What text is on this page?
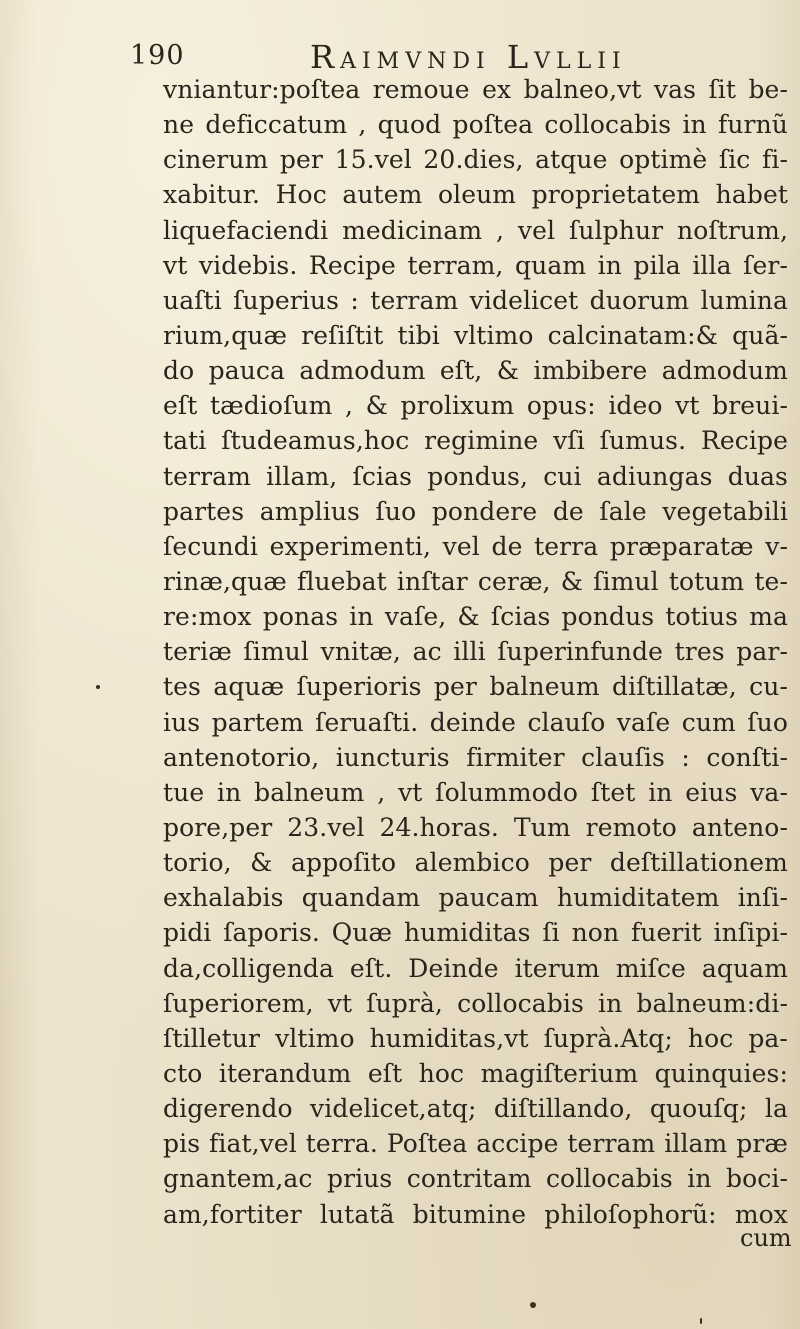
190	Raimvndi Lvllii
vniantur:poſtea remoue ex balneo,vt vas ſit be-
ne deficcatum , quod poſtea collocabis in furnũ
cinerum per 15.vel 20.dies, atque optimè ſic fi-
xabitur. Hoc autem oleum proprietatem habet
liquefaciendi medicinam , vel ſulphur noſtrum,
vt videbis. Recipe terram, quam in pila illa ſer-
uaſti ſuperius : terram videlicet duorum lumina
rium,quæ reſiſtit tibi vltimo calcinatam:& quã-
do pauca admodum eſt, & imbibere admodum
eſt tædioſum , & prolixum opus: ideo vt breui-
tati ſtudeamus,hoc regimine vſi ſumus. Recipe
terram illam, ſcias pondus, cui adiungas duas
partes amplius ſuo pondere de ſale vegetabili
ſecundi experimenti, vel de terra præparatæ v-
rinæ,quæ fluebat inſtar ceræ, & ſimul totum te-
re:mox ponas in vaſe, & ſcias pondus totius ma
teriæ ſimul vnitæ, ac illi ſuperinfunde tres par-
tes aquæ ſuperioris per balneum diſtillatæ, cu-
ius partem ſeruaſti. deinde clauſo vaſe cum ſuo
antenotorio, iuncturis firmiter clauſis : conſti-
tue in balneum , vt ſolummodo ſtet in eius va-
pore,per 23.vel 24.horas. Tum remoto anteno-
torio, & appoſito alembico per deſtillationem
exhalabis quandam paucam humiditatem inſi-
pidi ſaporis. Quæ humiditas ſi non fuerit inſipi-
da,colligenda eſt. Deinde iterum miſce aquam
ſuperiorem, vt ſuprà, collocabis in balneum:di-
ſtilletur vltimo humiditas,vt ſuprà.Atq; hoc pa-
cto iterandum eſt hoc magiſterium quinquies:
digerendo videlicet,atq; diſtillando, quouſq; la
pis fiat,vel terra. Poſtea accipe terram illam præ
gnantem,ac prius contritam collocabis in boci-
am,fortiter lutatã bitumine philoſophorũ: mox
cum
